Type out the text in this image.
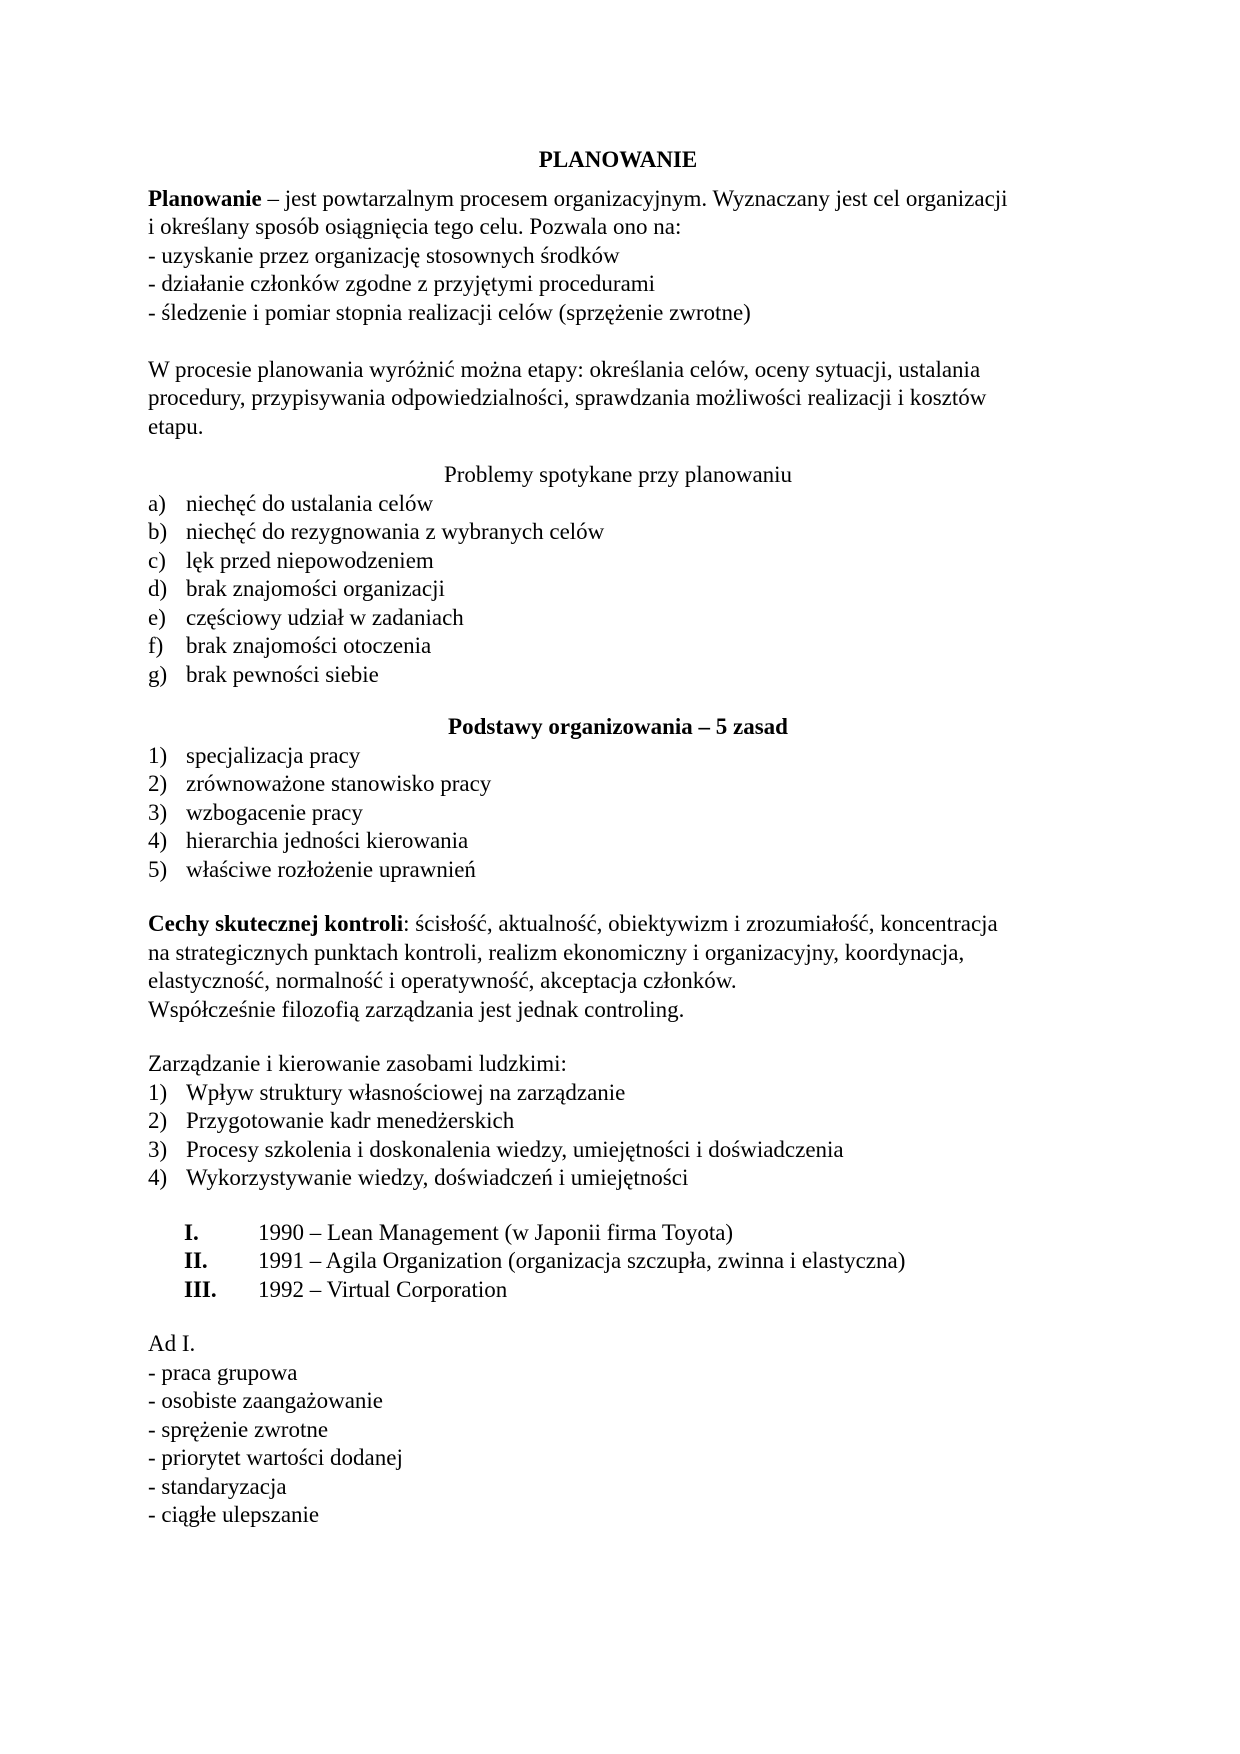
PLANOWANIE

Planowanie – jest powtarzalnym procesem organizacyjnym. Wyznaczany jest cel organizacji

i określany sposób osiągnięcia tego celu. Pozwala ono na:

- uzyskanie przez organizację stosownych środków

- działanie członków zgodne z przyjętymi procedurami

- śledzenie i pomiar stopnia realizacji celów (sprzężenie zwrotne)

W procesie planowania wyróżnić można etapy: określania celów, oceny sytuacji, ustalania

procedury, przypisywania odpowiedzialności, sprawdzania możliwości realizacji i kosztów

etapu.

Problemy spotykane przy planowaniu

a) niechęć do ustalania celów
b) niechęć do rezygnowania z wybranych celów
c) lęk przed niepowodzeniem
d) brak znajomości organizacji
e) częściowy udział w zadaniach
f) brak znajomości otoczenia
g) brak pewności siebie

Podstawy organizowania – 5 zasad

1) specjalizacja pracy
2) zrównoważone stanowisko pracy
3) wzbogacenie pracy
4) hierarchia jedności kierowania
5) właściwe rozłożenie uprawnień

Cechy skutecznej kontroli: ścisłość, aktualność, obiektywizm i zrozumiałość, koncentracja

na strategicznych punktach kontroli, realizm ekonomiczny i organizacyjny, koordynacja,

elastyczność, normalność i operatywność, akceptacja członków.

Współcześnie filozofią zarządzania jest jednak controling.

Zarządzanie i kierowanie zasobami ludzkimi:

1) Wpływ struktury własnościowej na zarządzanie
2) Przygotowanie kadr menedżerskich
3) Procesy szkolenia i doskonalenia wiedzy, umiejętności i doświadczenia
4) Wykorzystywanie wiedzy, doświadczeń i umiejętności
I.	1990 – Lean Management (w Japonii firma Toyota)
II.	1991 – Agila Organization (organizacja szczupła, zwinna i elastyczna)
III.	1992 – Virtual Corporation

Ad I.

- praca grupowa

- osobiste zaangażowanie

- sprężenie zwrotne

- priorytet wartości dodanej

- standaryzacja

- ciągłe ulepszanie
